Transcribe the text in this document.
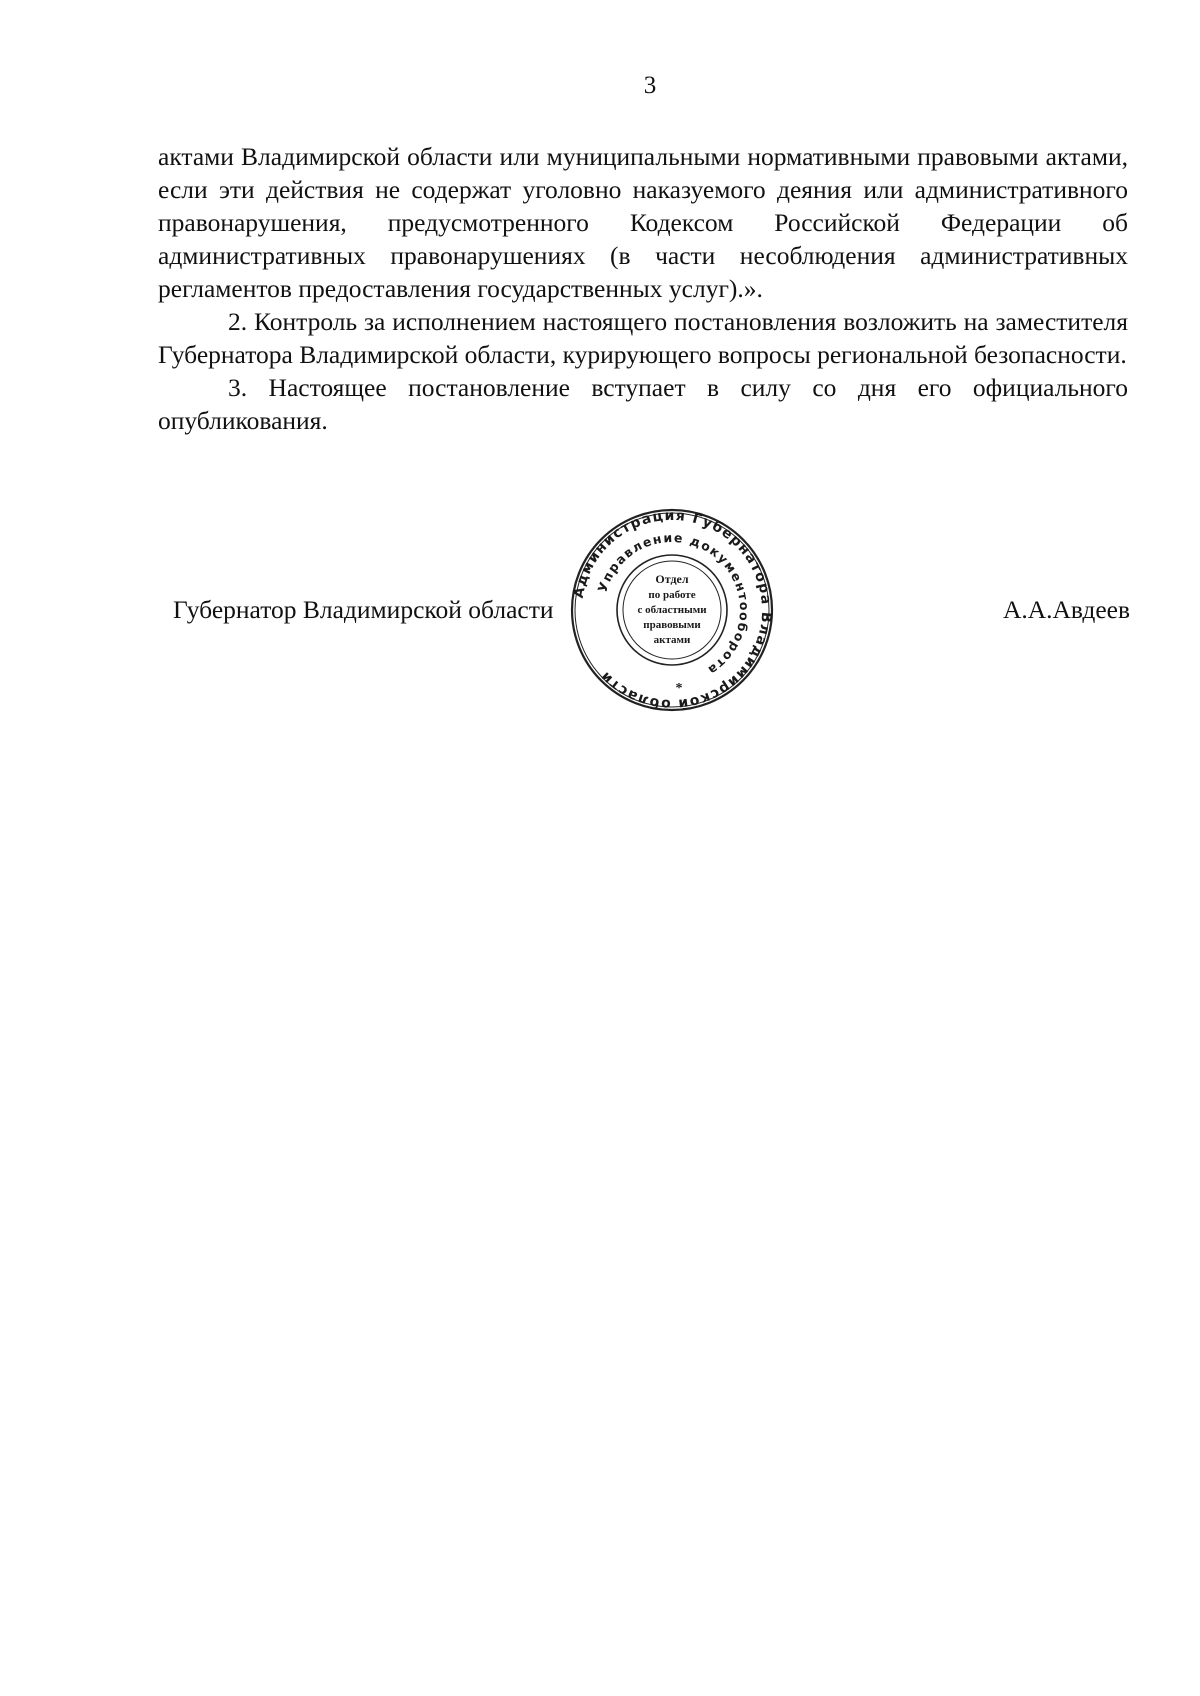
3

актами Владимирской области или муниципальными нормативными правовыми актами, если эти действия не содержат уголовно наказуемого деяния или административного правонарушения, предусмотренного Кодексом Российской Федерации об административных правонарушениях (в части несоблюдения административных регламентов предоставления государственных услуг).».

2. Контроль за исполнением настоящего постановления возложить на заместителя Губернатора Владимирской области, курирующего вопросы региональной безопасности.

3. Настоящее постановление вступает в силу со дня его официального опубликования.

Губернатор Владимирской области	А.А.Авдеев
Администрация Губернатора Владимирской области
Управление документооборота
Отдел
по работе
с областными
правовыми
актами
*
